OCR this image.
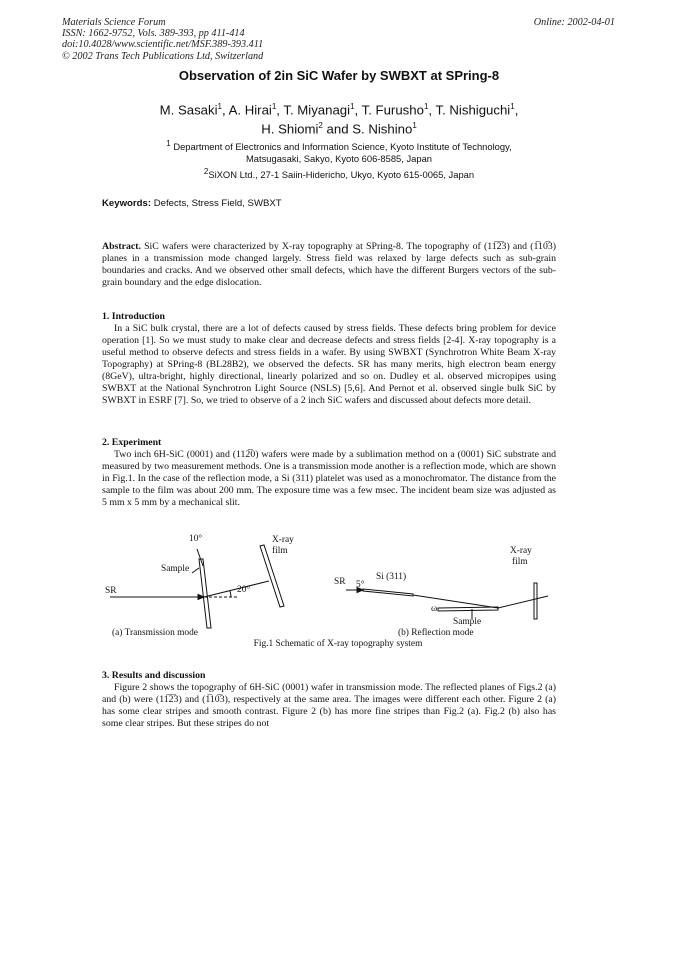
Materials Science Forum
ISSN: 1662-9752, Vols. 389-393, pp 411-414
doi:10.4028/www.scientific.net/MSF.389-393.411
© 2002 Trans Tech Publications Ltd, Switzerland
Online: 2002-04-01
Observation of 2in SiC Wafer by SWBXT at SPring-8
M. Sasaki$^1$, A. Hirai$^1$, T. Miyanagi$^1$, T. Furusho$^1$, T. Nishiguchi$^1$,
H. Shiomi$^2$ and S. Nishino$^1$
$^1$ Department of Electronics and Information Science, Kyoto Institute of Technology,
Matsugasaki, Sakyo, Kyoto 606-8585, Japan
$^2$SiXON Ltd., 27-1 Saiin-Hidericho, Ukyo, Kyoto 615-0065, Japan
Keywords: Defects, Stress Field, SWBXT

Abstract. SiC wafers were characterized by X-ray topography at SPring-8. The topography of (11̅2̅3) and (1̅10̅3) planes in a transmission mode changed largely. Stress field was relaxed by large defects such as sub-grain boundaries and cracks. And we observed other small defects, which have the different Burgers vectors of the sub-grain boundary and the edge dislocation.

1. Introduction

In a SiC bulk crystal, there are a lot of defects caused by stress fields. These defects bring problem for device operation [1]. So we must study to make clear and decrease defects and stress fields [2-4]. X-ray topography is a useful method to observe defects and stress fields in a wafer. By using SWBXT (Synchrotron White Beam X-ray Topography) at SPring-8 (BL28B2), we observed the defects. SR has many merits, high electron beam energy (8GeV), ultra-bright, highly directional, linearly polarized and so on. Dudley et al. observed micropipes using SWBXT at the National Synchrotron Light Source (NSLS) [5,6]. And Pernot et al. observed single bulk SiC by SWBXT in ESRF [7]. So, we tried to observe of a 2 inch SiC wafers and discussed about defects more detail.

2. Experiment

Two inch 6H-SiC (0001) and (112̅0) wafers were made by a sublimation method on a (0001) SiC substrate and measured by two measurement methods. One is a transmission mode another is a reflection mode, which are shown in Fig.1. In the case of the reflection mode, a Si (311) platelet was used as a monochromator. The distance from the sample to the film was about 200 mm. The exposure time was a few msec. The incident beam size was adjusted as 5 mm x 5 mm by a mechanical slit.

10°	X-ray
film
Sample
SR	20°
X-ray
film
SR 5°
Si (311)
ω
Sample
(a) Transmission mode	(b) Reflection mode
Fig.1 Schematic of X-ray topography system
3. Results and discussion

Figure 2 shows the topography of 6H-SiC (0001) wafer in transmission mode. The reflected planes of Figs.2 (a) and (b) were (11̅2̅3) and (1̅10̅3), respectively at the same area. The images were different each other. Figure 2 (a) has some clear stripes and smooth contrast. Figure 2 (b) has more fine stripes than Fig.2 (a). Fig.2 (b) also has some clear stripes. But these stripes do not
